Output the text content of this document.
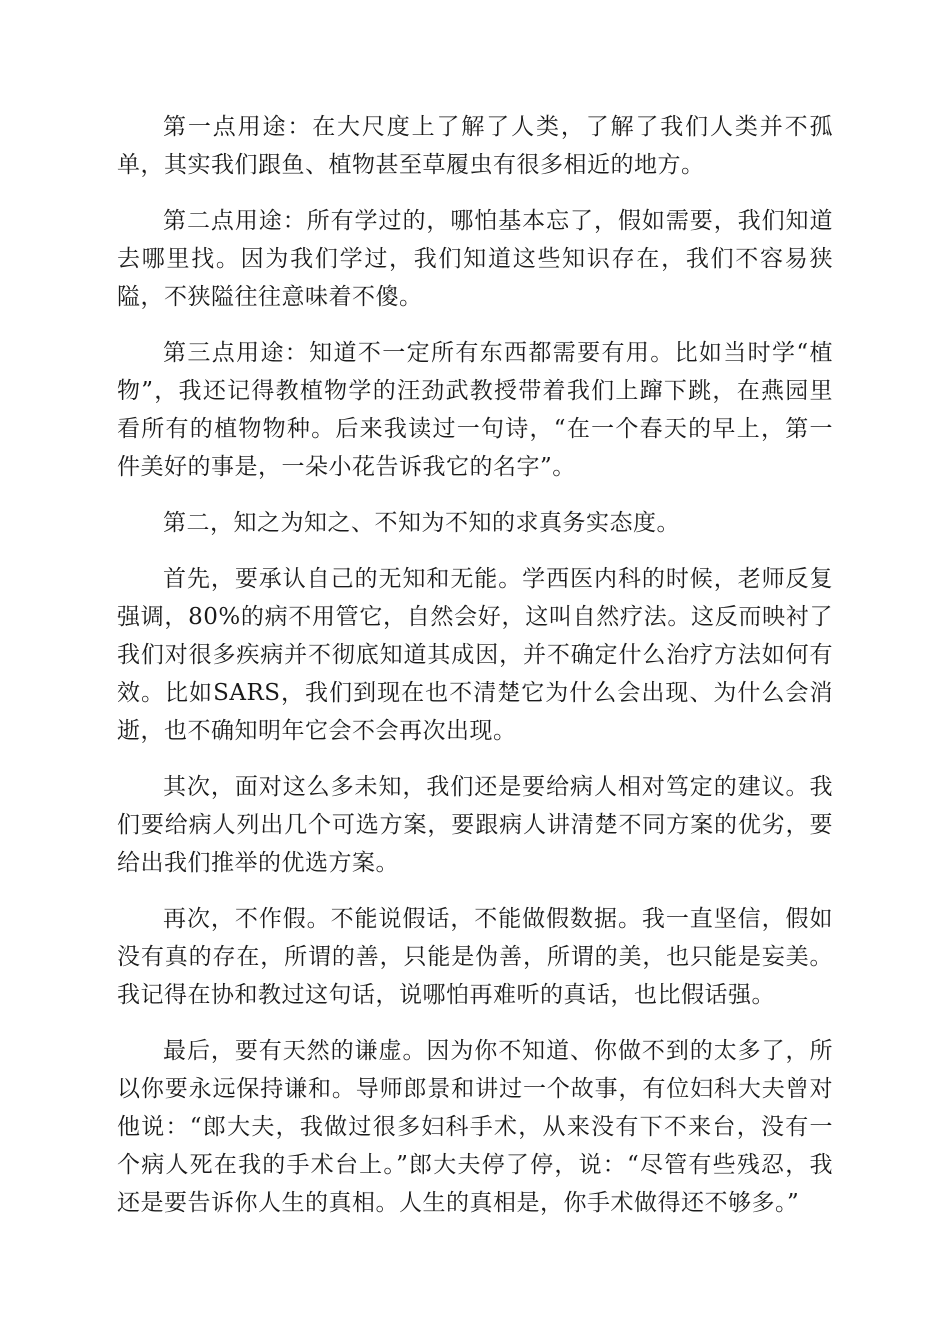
第一点用途：在大尺度上了解了人类，了解了我们人类并不孤单，其实我们跟鱼、植物甚至草履虫有很多相近的地方。

第二点用途：所有学过的，哪怕基本忘了，假如需要，我们知道去哪里找。因为我们学过，我们知道这些知识存在，我们不容易狭隘，不狭隘往往意味着不傻。

第三点用途：知道不一定所有东西都需要有用。比如当时学“植物”，我还记得教植物学的汪劲武教授带着我们上蹿下跳，在燕园里看所有的植物物种。后来我读过一句诗，“在一个春天的早上，第一件美好的事是，一朵小花告诉我它的名字”。

第二，知之为知之、不知为不知的求真务实态度。

首先，要承认自己的无知和无能。学西医内科的时候，老师反复强调，80%的病不用管它，自然会好，这叫自然疗法。这反而映衬了我们对很多疾病并不彻底知道其成因，并不确定什么治疗方法如何有效。比如SARS，我们到现在也不清楚它为什么会出现、为什么会消逝，也不确知明年它会不会再次出现。

其次，面对这么多未知，我们还是要给病人相对笃定的建议。我们要给病人列出几个可选方案，要跟病人讲清楚不同方案的优劣，要给出我们推举的优选方案。

再次，不作假。不能说假话，不能做假数据。我一直坚信，假如没有真的存在，所谓的善，只能是伪善，所谓的美，也只能是妄美。我记得在协和教过这句话，说哪怕再难听的真话，也比假话强。

最后，要有天然的谦虚。因为你不知道、你做不到的太多了，所以你要永远保持谦和。导师郎景和讲过一个故事，有位妇科大夫曾对他说：“郎大夫，我做过很多妇科手术，从来没有下不来台，没有一个病人死在我的手术台上。”郎大夫停了停，说：“尽管有些残忍，我还是要告诉你人生的真相。人生的真相是，你手术做得还不够多。”
